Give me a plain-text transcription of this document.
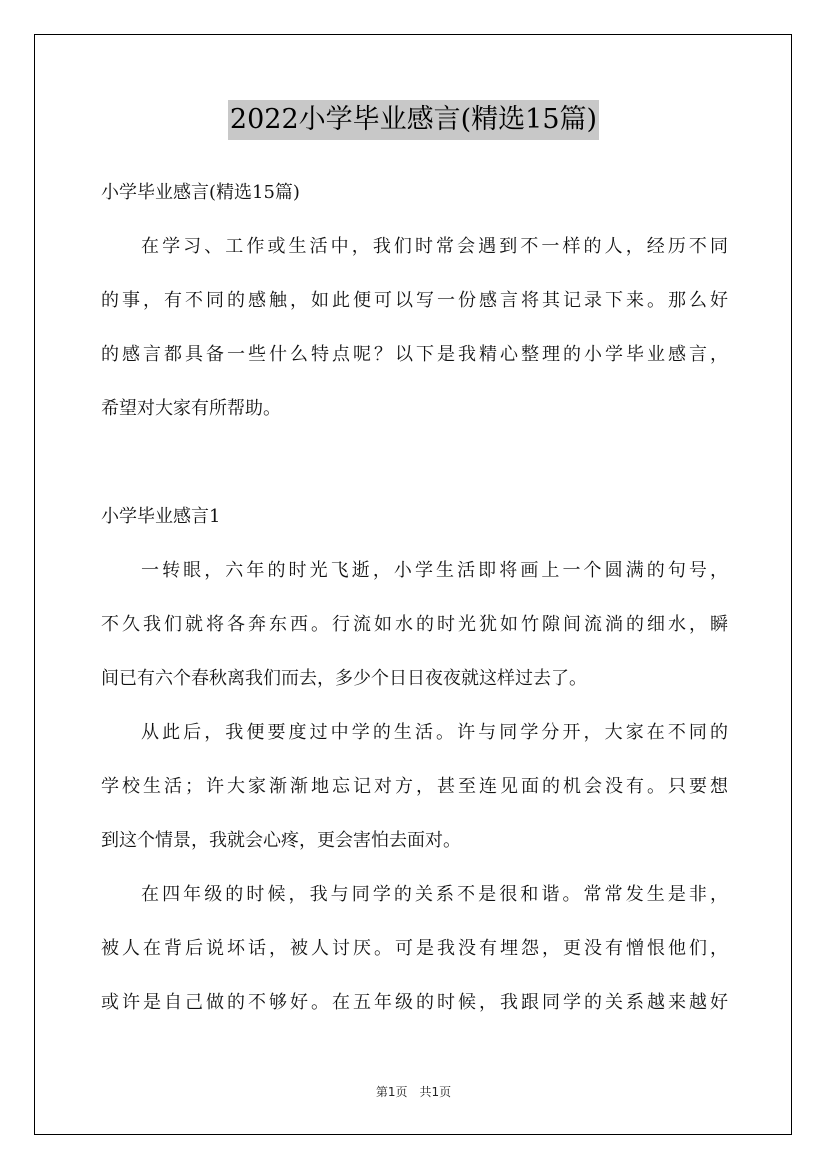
2022小学毕业感言(精选15篇)
小学毕业感言(精选15篇)
在学习、工作或生活中，我们时常会遇到不一样的人，经历不同
的事，有不同的感触，如此便可以写一份感言将其记录下来。那么好
的感言都具备一些什么特点呢？以下是我精心整理的小学毕业感言，
希望对大家有所帮助。
小学毕业感言1
一转眼，六年的时光飞逝，小学生活即将画上一个圆满的句号，
不久我们就将各奔东西。行流如水的时光犹如竹隙间流淌的细水，瞬
间已有六个春秋离我们而去，多少个日日夜夜就这样过去了。
从此后，我便要度过中学的生活。许与同学分开，大家在不同的
学校生活；许大家渐渐地忘记对方，甚至连见面的机会没有。只要想
到这个情景，我就会心疼，更会害怕去面对。
在四年级的时候，我与同学的关系不是很和谐。常常发生是非，
被人在背后说坏话，被人讨厌。可是我没有埋怨，更没有憎恨他们，
或许是自己做的不够好。在五年级的时候，我跟同学的关系越来越好
第1页 共1页
